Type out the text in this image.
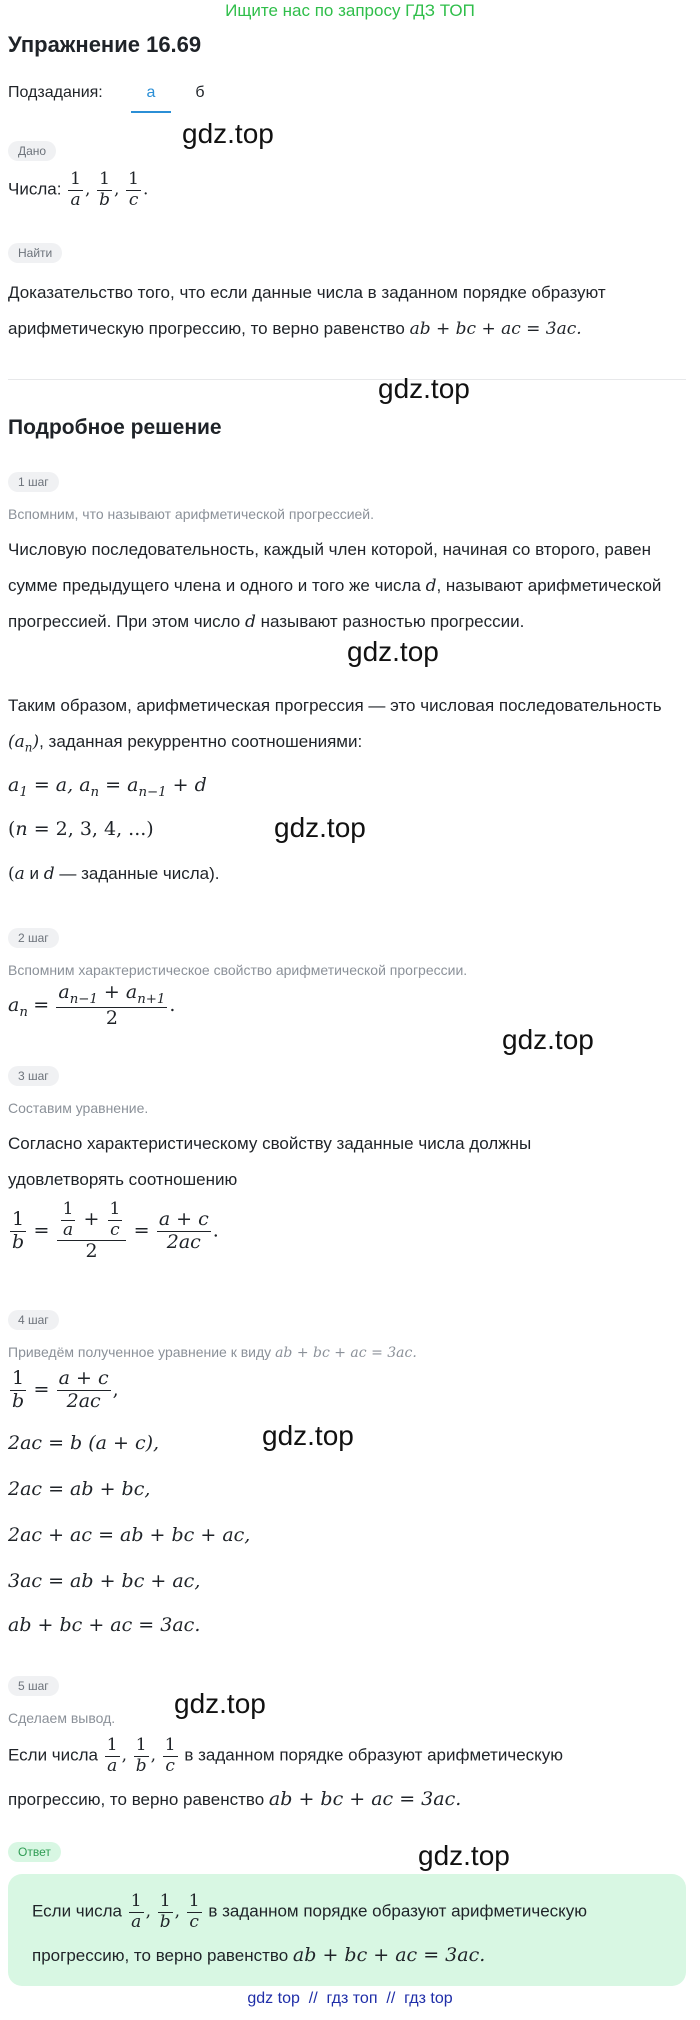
Ищите нас по запросу ГДЗ ТОП
Упражнение 16.69
Подзадания:	а	б
gdz.top
Дано
Числа: $\frac{1}{a}$ , $\frac{1}{b}$ , $\frac{1}{c}$ .
Найти
Доказательство того, что если данные числа в заданном порядке образуют арифметическую прогрессию, то верно равенство ab + bc + ac = 3ac.
gdz.top
Подробное решение
1 шаг
Вспомним, что называют арифметической прогрессией.
Числовую последовательность, каждый член которой, начиная со второго, равен сумме предыдущего члена и одного и того же числа d, называют арифметической прогрессией. При этом число d называют разностью прогрессии.
gdz.top
Таким образом, арифметическая прогрессия — это числовая последовательность $(a_n)$, заданная рекуррентно соотношениями:
$a_1 = a$, $a_n = a_{n-1} + d$
(n = 2, 3, 4, ...)	gdz.top
(a и d — заданные числа).
2 шаг
Вспомним характеристическое свойство арифметической прогрессии.
$a_n = \frac{a_{n-1} + a_{n+1}}{2}$ .
gdz.top
3 шаг
Составим уравнение.
Согласно характеристическому свойству заданные числа должны удовлетворять соотношению
$\frac{1}{b} = \frac{\frac{1}{a} + \frac{1}{c}}{2} = \frac{a + c}{2ac}$ .
4 шаг
Приведём полученное уравнение к виду ab + bc + ac = 3ac.
$\frac{1}{b} = \frac{a + c}{2ac}$ ,
2ac = b (a + c),	gdz.top
2ac = ab + bc,
2ac + ac = ab + bc + ac,
3ac = ab + bc + ac,
ab + bc + ac = 3ac.
5 шаг
Сделаем вывод. gdz.top
Если числа $\frac{1}{a}$ , $\frac{1}{b}$ , $\frac{1}{c}$ в заданном порядке образуют арифметическую
прогрессию, то верно равенство ab + bc + ac = 3ac.
Ответ	gdz.top
Если числа $\frac{1}{a}$ , $\frac{1}{b}$ , $\frac{1}{c}$ в заданном порядке образуют арифметическую
прогрессию, то верно равенство ab + bc + ac = 3ac.
gdz top  //  гдз топ  //  гдз top
